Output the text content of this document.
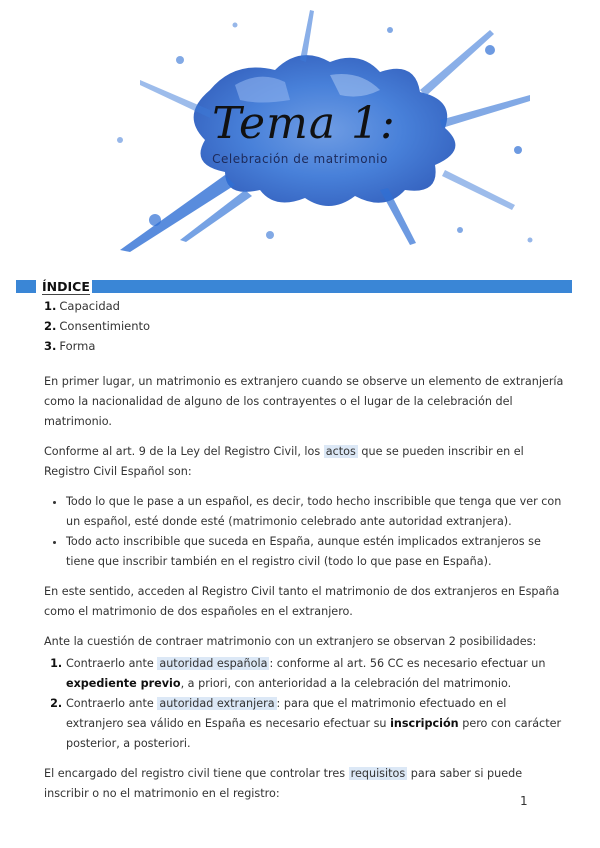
Tema 1:
Celebración de matrimonio
ÍNDICE
1. Capacidad
2. Consentimiento
3. Forma

En primer lugar, un matrimonio es extranjero cuando se observe un elemento de extranjería como la nacionalidad de alguno de los contrayentes o el lugar de la celebración del matrimonio.

Conforme al art. 9 de la Ley del Registro Civil, los actos que se pueden inscribir en el Registro Civil Español son:

• Todo lo que le pase a un español, es decir, todo hecho inscribible que tenga que ver con un español, esté donde esté (matrimonio celebrado ante autoridad extranjera).
• Todo acto inscribible que suceda en España, aunque estén implicados extranjeros se tiene que inscribir también en el registro civil (todo lo que pase en España).

En este sentido, acceden al Registro Civil tanto el matrimonio de dos extranjeros en España como el matrimonio de dos españoles en el extranjero.

Ante la cuestión de contraer matrimonio con un extranjero se observan 2 posibilidades:

1. Contraerlo ante autoridad española : conforme al art. 56 CC es necesario efectuar un expediente previo, a priori, con anterioridad a la celebración del matrimonio.
2. Contraerlo ante autoridad extranjera : para que el matrimonio efectuado en el extranjero sea válido en España es necesario efectuar su inscripción pero con carácter posterior, a posteriori.

El encargado del registro civil tiene que controlar tres requisitos para saber si puede inscribir o no el matrimonio en el registro:

1
